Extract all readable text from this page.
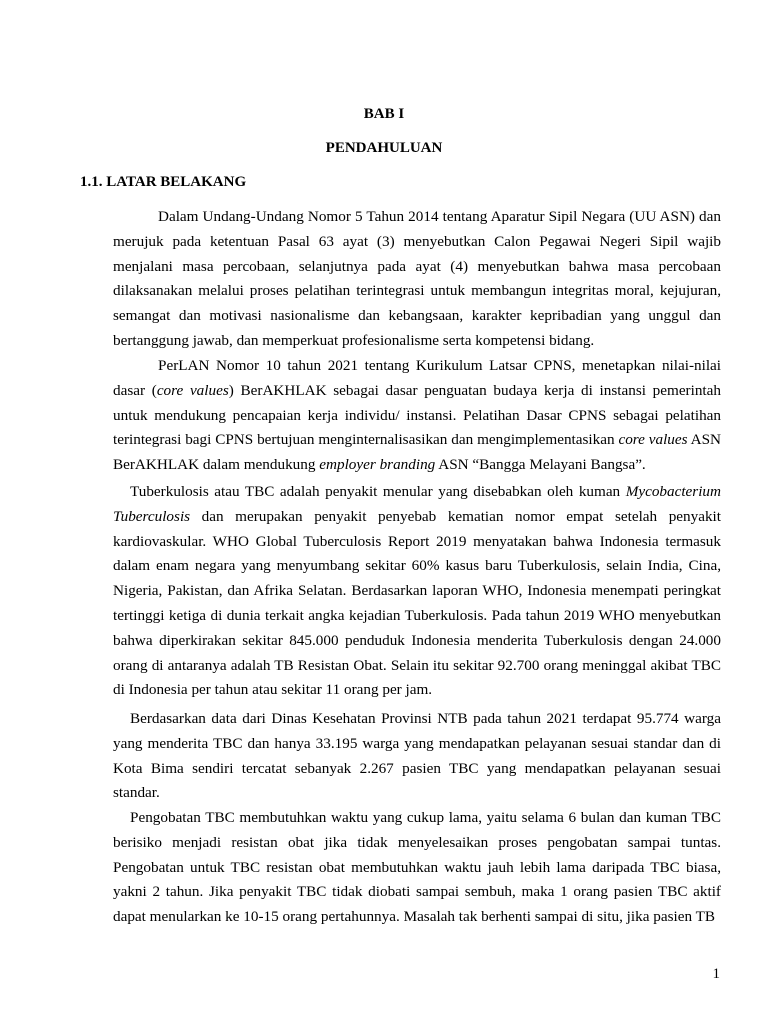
BAB I
PENDAHULUAN
1.1. LATAR BELAKANG

Dalam Undang-Undang Nomor 5 Tahun 2014 tentang Aparatur Sipil Negara (UU ASN) dan merujuk pada ketentuan Pasal 63 ayat (3) menyebutkan Calon Pegawai Negeri Sipil wajib menjalani masa percobaan, selanjutnya pada ayat (4) menyebutkan bahwa masa percobaan dilaksanakan melalui proses pelatihan terintegrasi untuk membangun integritas moral, kejujuran, semangat dan motivasi nasionalisme dan kebangsaan, karakter kepribadian yang unggul dan bertanggung jawab, dan memperkuat profesionalisme serta kompetensi bidang.

PerLAN Nomor 10 tahun 2021 tentang Kurikulum Latsar CPNS, menetapkan nilai-nilai dasar (core values) BerAKHLAK sebagai dasar penguatan budaya kerja di instansi pemerintah untuk mendukung pencapaian kerja individu/ instansi. Pelatihan Dasar CPNS sebagai pelatihan terintegrasi bagi CPNS bertujuan menginternalisasikan dan mengimplementasikan core values ASN BerAKHLAK dalam mendukung employer branding ASN “Bangga Melayani Bangsa”.

Tuberkulosis atau TBC adalah penyakit menular yang disebabkan oleh kuman Mycobacterium Tuberculosis dan merupakan penyakit penyebab kematian nomor empat setelah penyakit kardiovaskular. WHO Global Tuberculosis Report 2019 menyatakan bahwa Indonesia termasuk dalam enam negara yang menyumbang sekitar 60% kasus baru Tuberkulosis, selain India, Cina, Nigeria, Pakistan, dan Afrika Selatan. Berdasarkan laporan WHO, Indonesia menempati peringkat tertinggi ketiga di dunia terkait angka kejadian Tuberkulosis. Pada tahun 2019 WHO menyebutkan bahwa diperkirakan sekitar 845.000 penduduk Indonesia menderita Tuberkulosis dengan 24.000 orang di antaranya adalah TB Resistan Obat. Selain itu sekitar 92.700 orang meninggal akibat TBC di Indonesia per tahun atau sekitar 11 orang per jam.

Berdasarkan data dari Dinas Kesehatan Provinsi NTB pada tahun 2021 terdapat 95.774 warga yang menderita TBC dan hanya 33.195 warga yang mendapatkan pelayanan sesuai standar dan di Kota Bima sendiri tercatat sebanyak 2.267 pasien TBC yang mendapatkan pelayanan sesuai standar.

Pengobatan TBC membutuhkan waktu yang cukup lama, yaitu selama 6 bulan dan kuman TBC berisiko menjadi resistan obat jika tidak menyelesaikan proses pengobatan sampai tuntas. Pengobatan untuk TBC resistan obat membutuhkan waktu jauh lebih lama daripada TBC biasa, yakni 2 tahun. Jika penyakit TBC tidak diobati sampai sembuh, maka 1 orang pasien TBC aktif dapat menularkan ke 10-15 orang pertahunnya. Masalah tak berhenti sampai di situ, jika pasien TB

1
